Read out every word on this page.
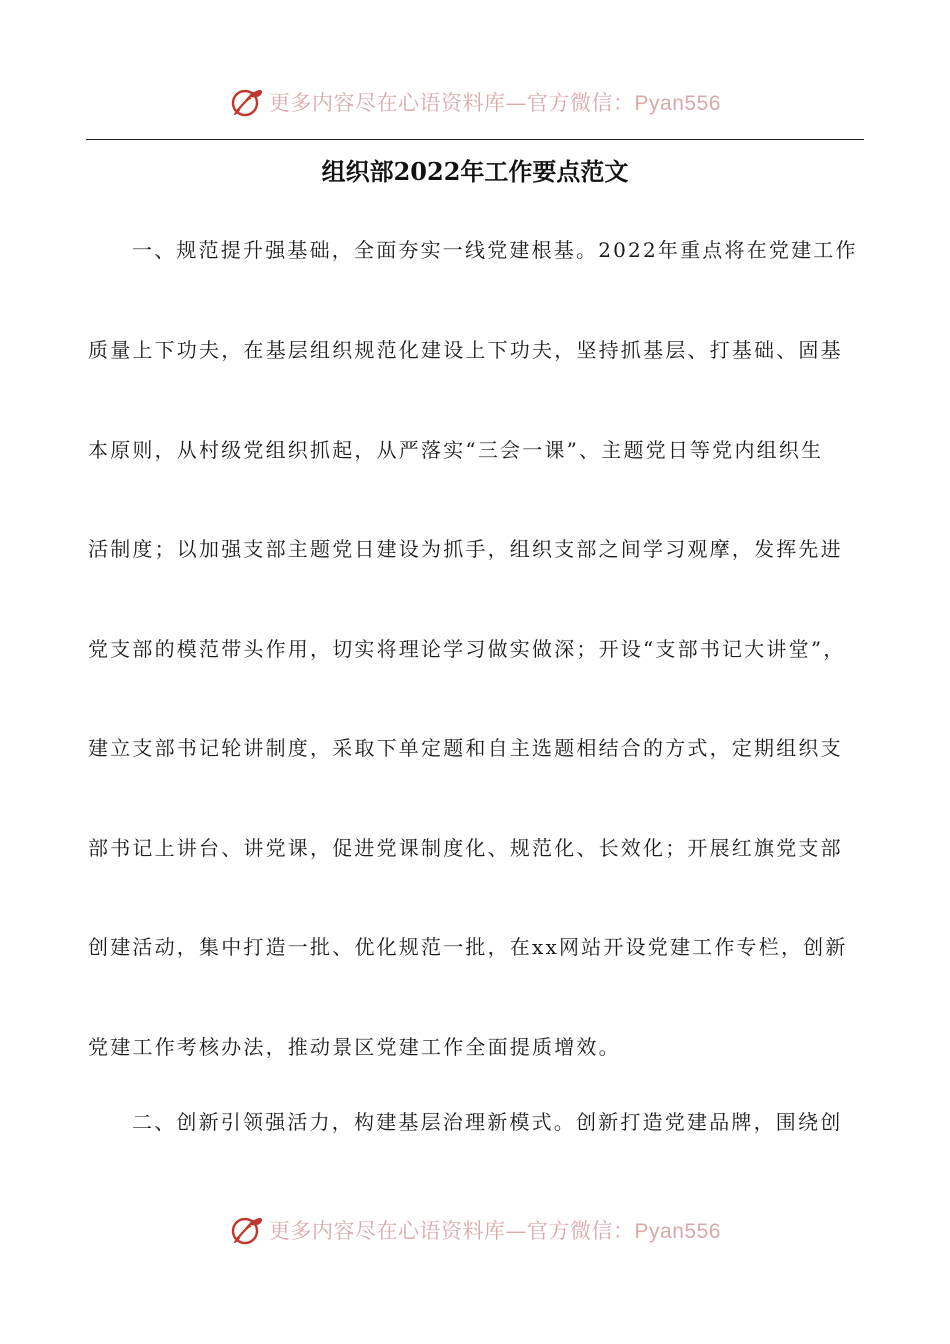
更多内容尽在心语资料库—官方微信：Pyan556
组织部2022年工作要点范文
一、规范提升强基础，全面夯实一线党建根基。2022年重点将在党建工作
质量上下功夫，在基层组织规范化建设上下功夫，坚持抓基层、打基础、固基
本原则，从村级党组织抓起，从严落实“三会一课”、主题党日等党内组织生
活制度；以加强支部主题党日建设为抓手，组织支部之间学习观摩，发挥先进
党支部的模范带头作用，切实将理论学习做实做深；开设“支部书记大讲堂”，
建立支部书记轮讲制度，采取下单定题和自主选题相结合的方式，定期组织支
部书记上讲台、讲党课，促进党课制度化、规范化、长效化；开展红旗党支部
创建活动，集中打造一批、优化规范一批，在xx网站开设党建工作专栏，创新
党建工作考核办法，推动景区党建工作全面提质增效。
二、创新引领强活力，构建基层治理新模式。创新打造党建品牌，围绕创
更多内容尽在心语资料库—官方微信：Pyan556
